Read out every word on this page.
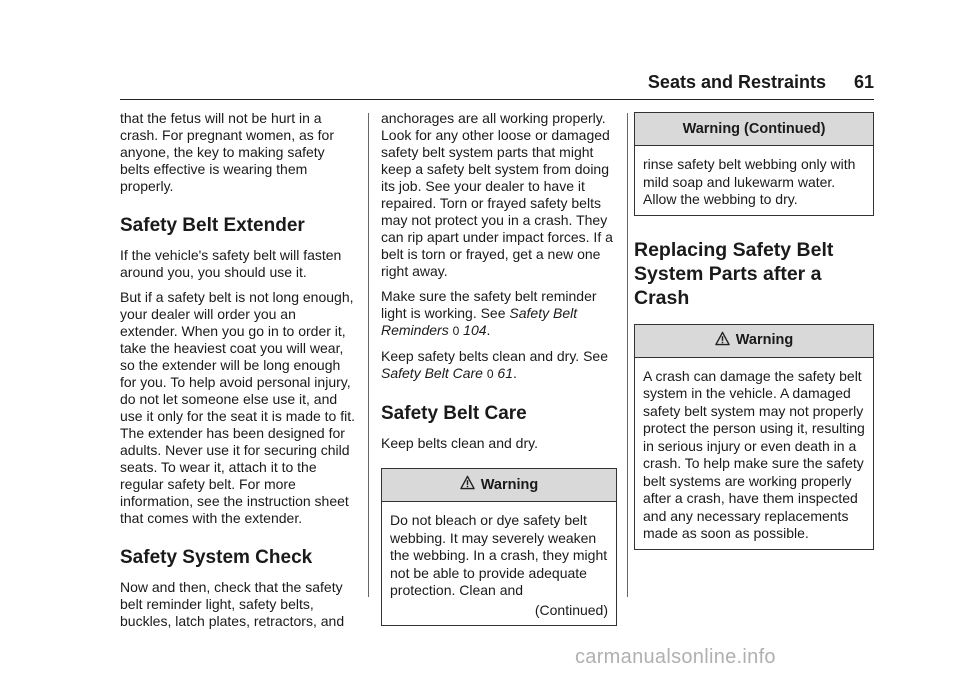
Seats and Restraints 61

that the fetus will not be hurt in a crash. For pregnant women, as for anyone, the key to making safety belts effective is wearing them properly.

Safety Belt Extender

If the vehicle's safety belt will fasten around you, you should use it.

But if a safety belt is not long enough, your dealer will order you an extender. When you go in to order it, take the heaviest coat you will wear, so the extender will be long enough for you. To help avoid personal injury, do not let someone else use it, and use it only for the seat it is made to fit. The extender has been designed for adults. Never use it for securing child seats. To wear it, attach it to the regular safety belt. For more information, see the instruction sheet that comes with the extender.

Safety System Check

Now and then, check that the safety belt reminder light, safety belts, buckles, latch plates, retractors, and

anchorages are all working properly. Look for any other loose or damaged safety belt system parts that might keep a safety belt system from doing its job. See your dealer to have it repaired. Torn or frayed safety belts may not protect you in a crash. They can rip apart under impact forces. If a belt is torn or frayed, get a new one right away.

Make sure the safety belt reminder light is working. See Safety Belt Reminders 0 104.

Keep safety belts clean and dry. See Safety Belt Care 0 61.

Safety Belt Care

Keep belts clean and dry.

Warning

Do not bleach or dye safety belt webbing. It may severely weaken the webbing. In a crash, they might not be able to provide adequate protection. Clean and

(Continued)
Warning (Continued)

rinse safety belt webbing only with mild soap and lukewarm water. Allow the webbing to dry.

Replacing Safety Belt System Parts after a Crash
Warning

A crash can damage the safety belt system in the vehicle. A damaged safety belt system may not properly protect the person using it, resulting in serious injury or even death in a crash. To help make sure the safety belt systems are working properly after a crash, have them inspected and any necessary replacements made as soon as possible.

carmanualsonline.info
